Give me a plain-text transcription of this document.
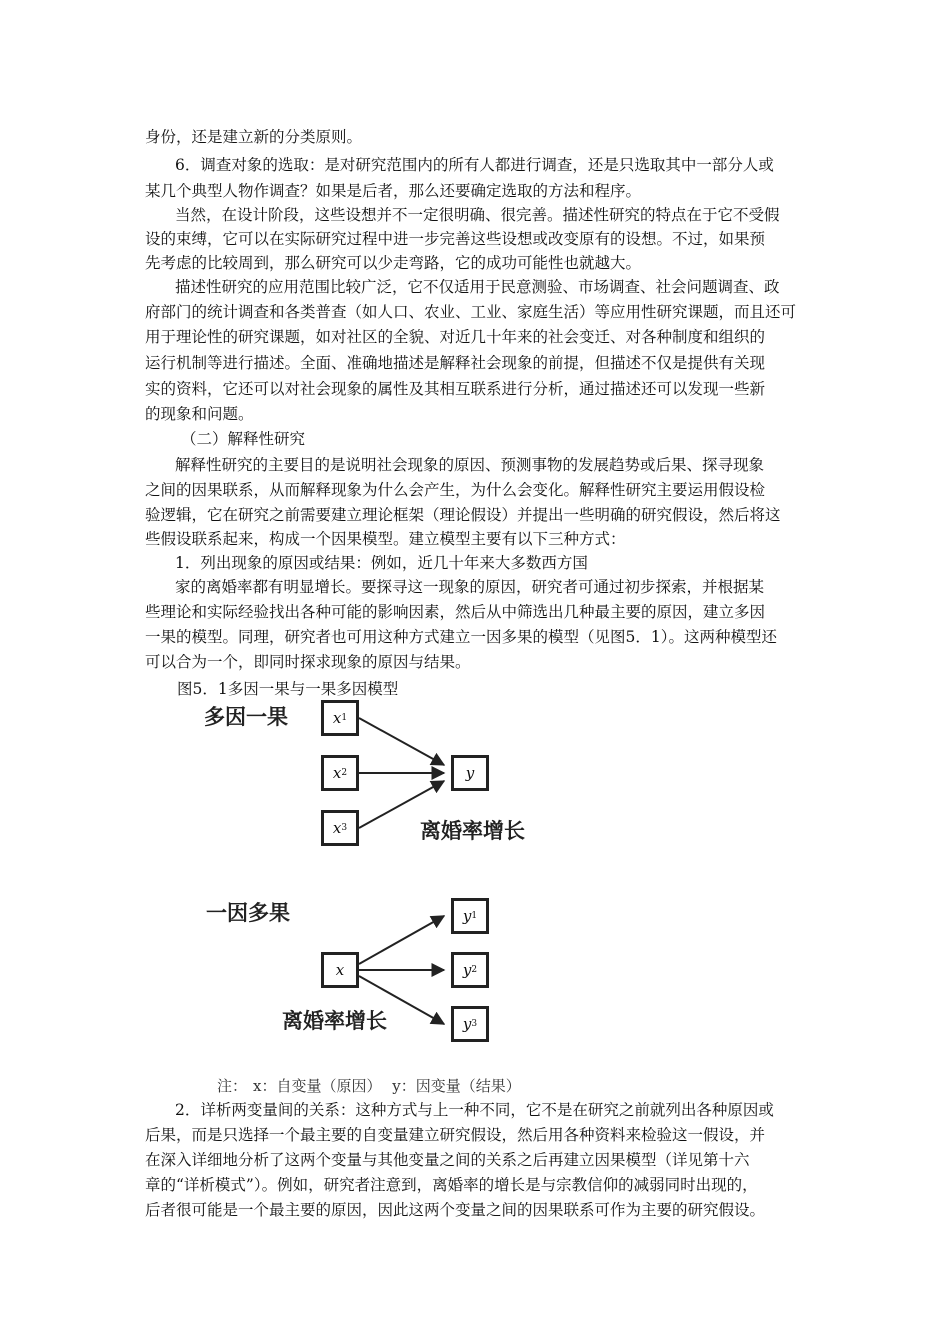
身份，还是建立新的分类原则。
6．调查对象的选取：是对研究范围内的所有人都进行调查，还是只选取其中一部分人或
某几个典型人物作调查？如果是后者，那么还要确定选取的方法和程序。
当然，在设计阶段，这些设想并不一定很明确、很完善。描述性研究的特点在于它不受假
设的束缚，它可以在实际研究过程中进一步完善这些设想或改变原有的设想。不过，如果预
先考虑的比较周到，那么研究可以少走弯路，它的成功可能性也就越大。
描述性研究的应用范围比较广泛，它不仅适用于民意测验、市场调查、社会问题调查、政
府部门的统计调查和各类普查（如人口、农业、工业、家庭生活）等应用性研究课题，而且还可
用于理论性的研究课题，如对社区的全貌、对近几十年来的社会变迁、对各种制度和组织的
运行机制等进行描述。全面、准确地描述是解释社会现象的前提，但描述不仅是提供有关现
实的资料，它还可以对社会现象的属性及其相互联系进行分析，通过描述还可以发现一些新
的现象和问题。
（二）解释性研究
解释性研究的主要目的是说明社会现象的原因、预测事物的发展趋势或后果、探寻现象
之间的因果联系，从而解释现象为什么会产生，为什么会变化。解释性研究主要运用假设检
验逻辑，它在研究之前需要建立理论框架（理论假设）并提出一些明确的研究假设，然后将这
些假设联系起来，构成一个因果模型。建立模型主要有以下三种方式：
1．列出现象的原因或结果：例如，近几十年来大多数西方国
家的离婚率都有明显增长。要探寻这一现象的原因，研究者可通过初步探索，并根据某
些理论和实际经验找出各种可能的影响因素，然后从中筛选出几种最主要的原因，建立多因
一果的模型。同理，研究者也可用这种方式建立一因多果的模型（见图5．1）。这两种模型还
可以合为一个，即同时探求现象的原因与结果。
图5．1多因一果与一果多因模型
多因一果	x 1
x 2
x 3
y
离婚率增长
一因多果
x
y 1
y 2
y 3
离婚率增长
注： x：自变量（原因） y：因变量（结果）
2．详析两变量间的关系：这种方式与上一种不同，它不是在研究之前就列出各种原因或
后果，而是只选择一个最主要的自变量建立研究假设，然后用各种资料来检验这一假设，并
在深入详细地分析了这两个变量与其他变量之间的关系之后再建立因果模型（详见第十六
章的“详析模式”）。例如，研究者注意到，离婚率的增长是与宗教信仰的减弱同时出现的，
后者很可能是一个最主要的原因，因此这两个变量之间的因果联系可作为主要的研究假设。
